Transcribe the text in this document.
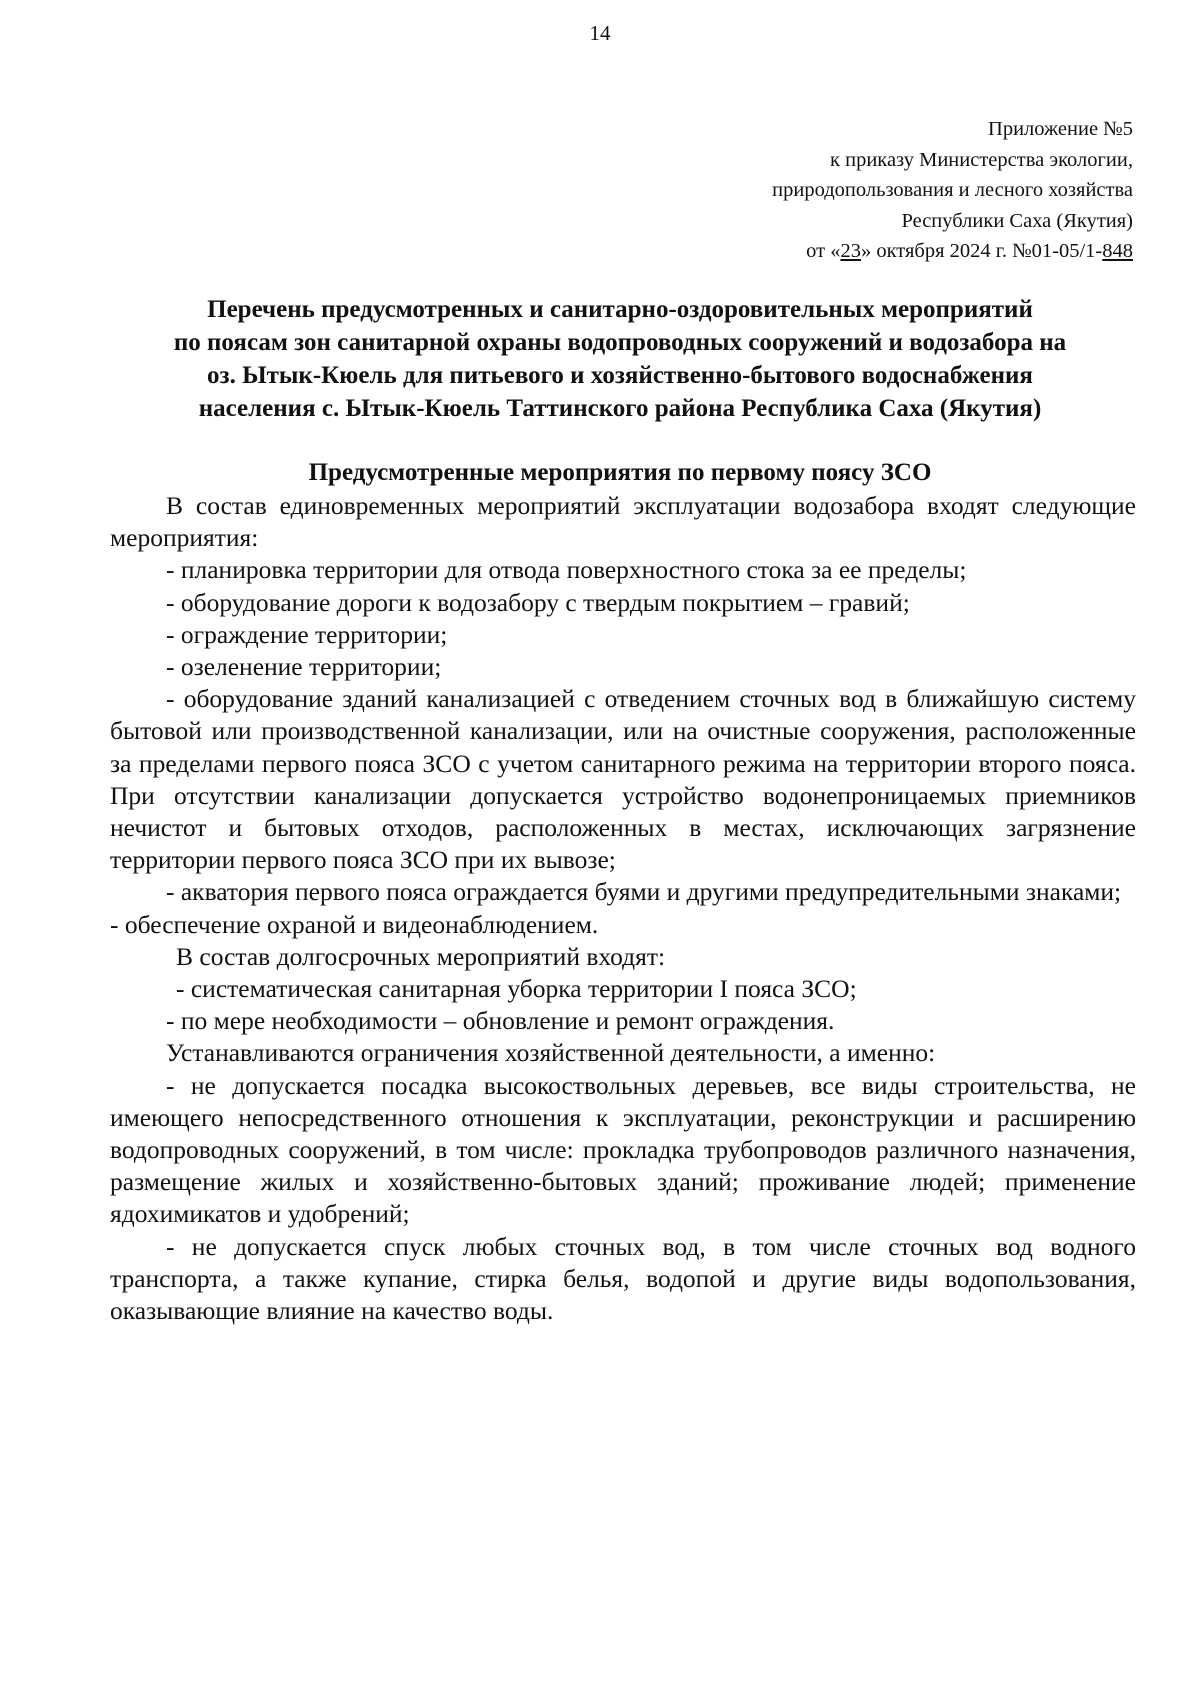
14
Приложение №5
к приказу Министерства экологии,
природопользования и лесного хозяйства
Республики Саха (Якутия)
от «23» октября 2024 г. №01-05/1-848
Перечень предусмотренных и санитарно-оздоровительных мероприятий
по поясам зон санитарной охраны водопроводных сооружений и водозабора на
оз. Ытык-Кюель для питьевого и хозяйственно-бытового водоснабжения
населения с. Ытык-Кюель Таттинского района Республика Саха (Якутия)
Предусмотренные мероприятия по первому поясу ЗСО

В состав единовременных мероприятий эксплуатации водозабора входят следующие мероприятия:

- планировка территории для отвода поверхностного стока за ее пределы;

- оборудование дороги к водозабору с твердым покрытием – гравий;

- ограждение территории;

- озеленение территории;

- оборудование зданий канализацией с отведением сточных вод в ближайшую систему бытовой или производственной канализации, или на очистные сооружения, расположенные за пределами первого пояса ЗСО с учетом санитарного режима на территории второго пояса. При отсутствии канализации допускается устройство водонепроницаемых приемников нечистот и бытовых отходов, расположенных в местах, исключающих загрязнение территории первого пояса ЗСО при их вывозе;

- акватория первого пояса ограждается буями и другими предупредительными знаками;

- обеспечение охраной и видеонаблюдением.

В состав долгосрочных мероприятий входят:

- систематическая санитарная уборка территории I пояса ЗСО;

- по мере необходимости – обновление и ремонт ограждения.

Устанавливаются ограничения хозяйственной деятельности, а именно:

- не допускается посадка высокоствольных деревьев, все виды строительства, не имеющего непосредственного отношения к эксплуатации, реконструкции и расширению водопроводных сооружений, в том числе: прокладка трубопроводов различного назначения, размещение жилых и хозяйственно-бытовых зданий; проживание людей; применение ядохимикатов и удобрений;

- не допускается спуск любых сточных вод, в том числе сточных вод водного транспорта, а также купание, стирка белья, водопой и другие виды водопользования, оказывающие влияние на качество воды.
